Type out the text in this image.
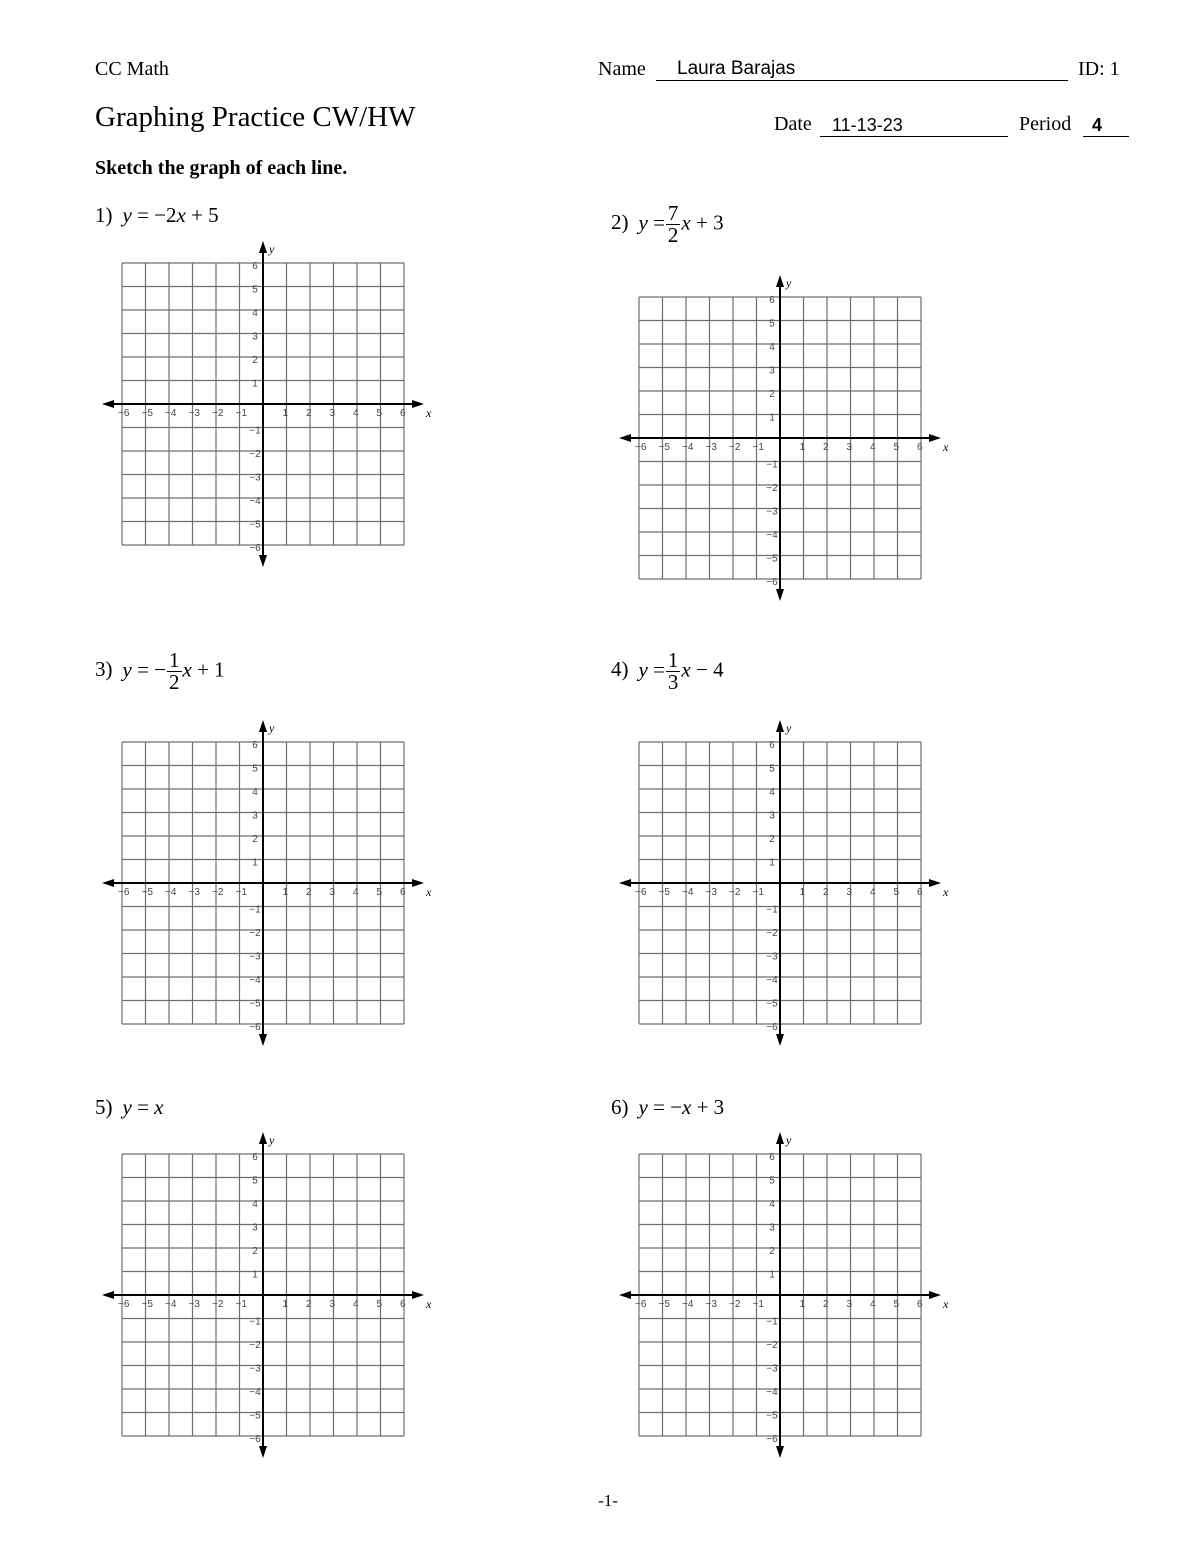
CC Math	Name Laura Barajas	ID: 1
Graphing Practice CW/HW	Date 11-13-23	Period 4
Sketch the graph of each line.
1) y = −2x + 5	2) $y = \frac{7}{2}$ x + 3
3) y = − $\frac{1}{2}$ x + 1	4) $y = \frac{1}{3}$ x − 4
5) y = x	6) y = −x + 3
x
y
−6 −5 −4 −3 −2 −1	1 2 3 4 5 6
6
5
4
3
2
1
−1
−2
−3
−4
−5
−6
x
y
−6 −5 −4 −3 −2 −1	1 2 3 4 5 6
6
5
4
3
2
1
−1
−2
−3
−4
−5
−6
x
y
−6 −5 −4 −3 −2 −1	1 2 3 4 5 6
6
5
4
3
2
1
−1
−2
−3
−4
−5
−6
x
y
−6 −5 −4 −3 −2 −1	1 2 3 4 5 6
6
5
4
3
2
1
−1
−2
−3
−4
−5
−6
x
y
−6 −5 −4 −3 −2 −1	1 2 3 4 5 6
6
5
4
3
2
1
−1
−2
−3
−4
−5
−6
x
y
−6 −5 −4 −3 −2 −1	1 2 3 4 5 6
6
5
4
3
2
1
−1
−2
−3
−4
−5
−6
-1-
